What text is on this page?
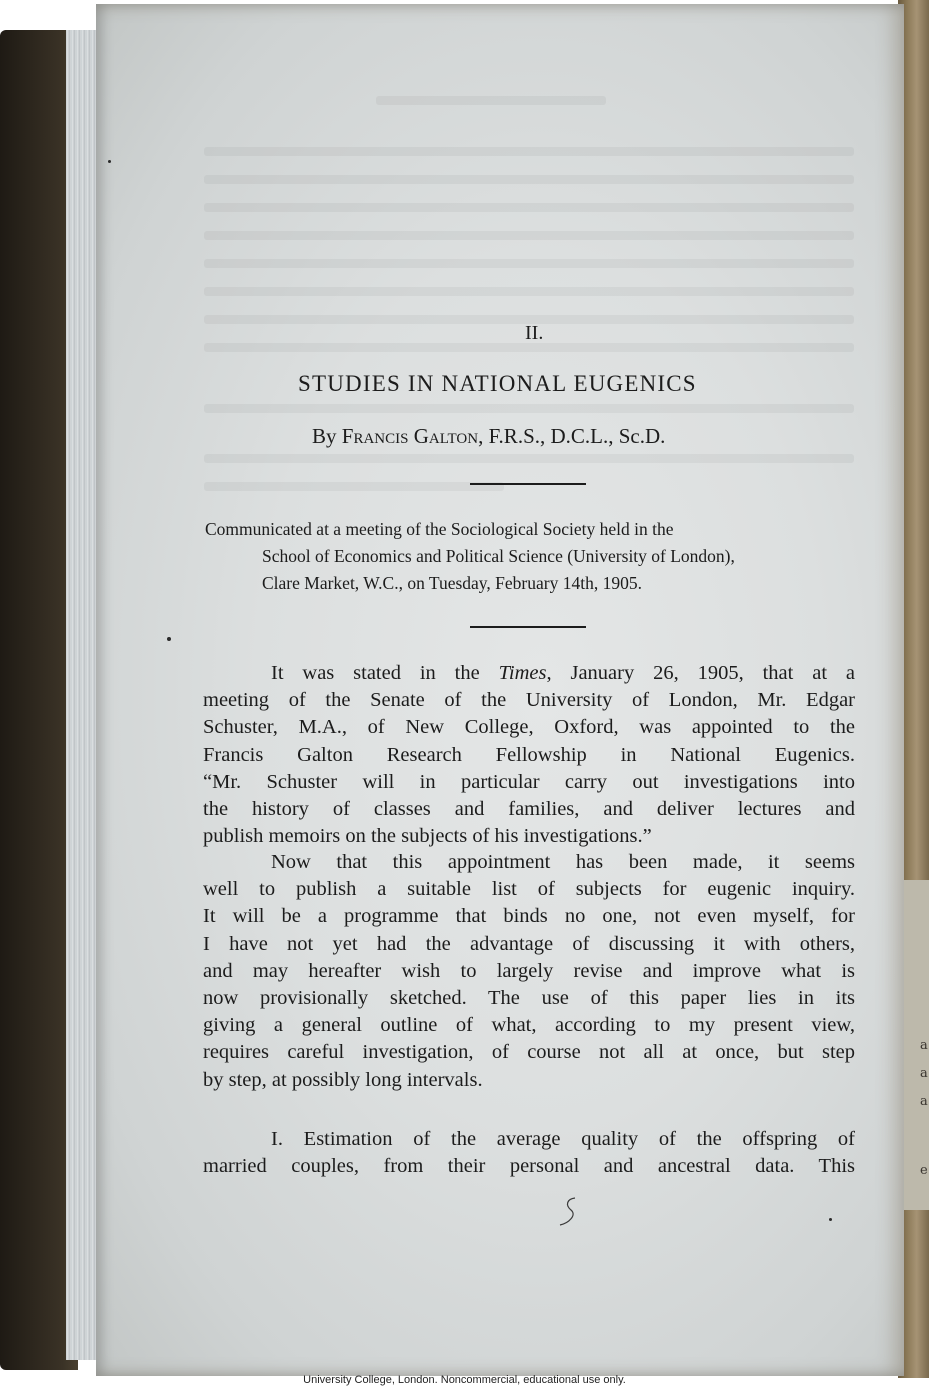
a
a
a
e
II.
STUDIES IN NATIONAL EUGENICS
By Francis Galton, F.R.S., D.C.L., Sc.D.
Communicated at a meeting of the Sociological Society held in the
School of Economics and Political Science (University of London),
Clare Market, W.C., on Tuesday, February 14th, 1905.
It was stated in the Times, January 26, 1905, that at a
meeting of the Senate of the University of London, Mr. Edgar
Schuster, M.A., of New College, Oxford, was appointed to the
Francis Galton Research Fellowship in National Eugenics.
“Mr. Schuster will in particular carry out investigations into
the history of classes and families, and deliver lectures and
publish memoirs on the subjects of his investigations.”
Now that this appointment has been made, it seems
well to publish a suitable list of subjects for eugenic inquiry.
It will be a programme that binds no one, not even myself, for
I have not yet had the advantage of discussing it with others,
and may hereafter wish to largely revise and improve what is
now provisionally sketched. The use of this paper lies in its
giving a general outline of what, according to my present view,
requires careful investigation, of course not all at once, but step
by step, at possibly long intervals.
I. Estimation of the average quality of the offspring of
married couples, from their personal and ancestral data. This
University College, London. Noncommercial, educational use only.
